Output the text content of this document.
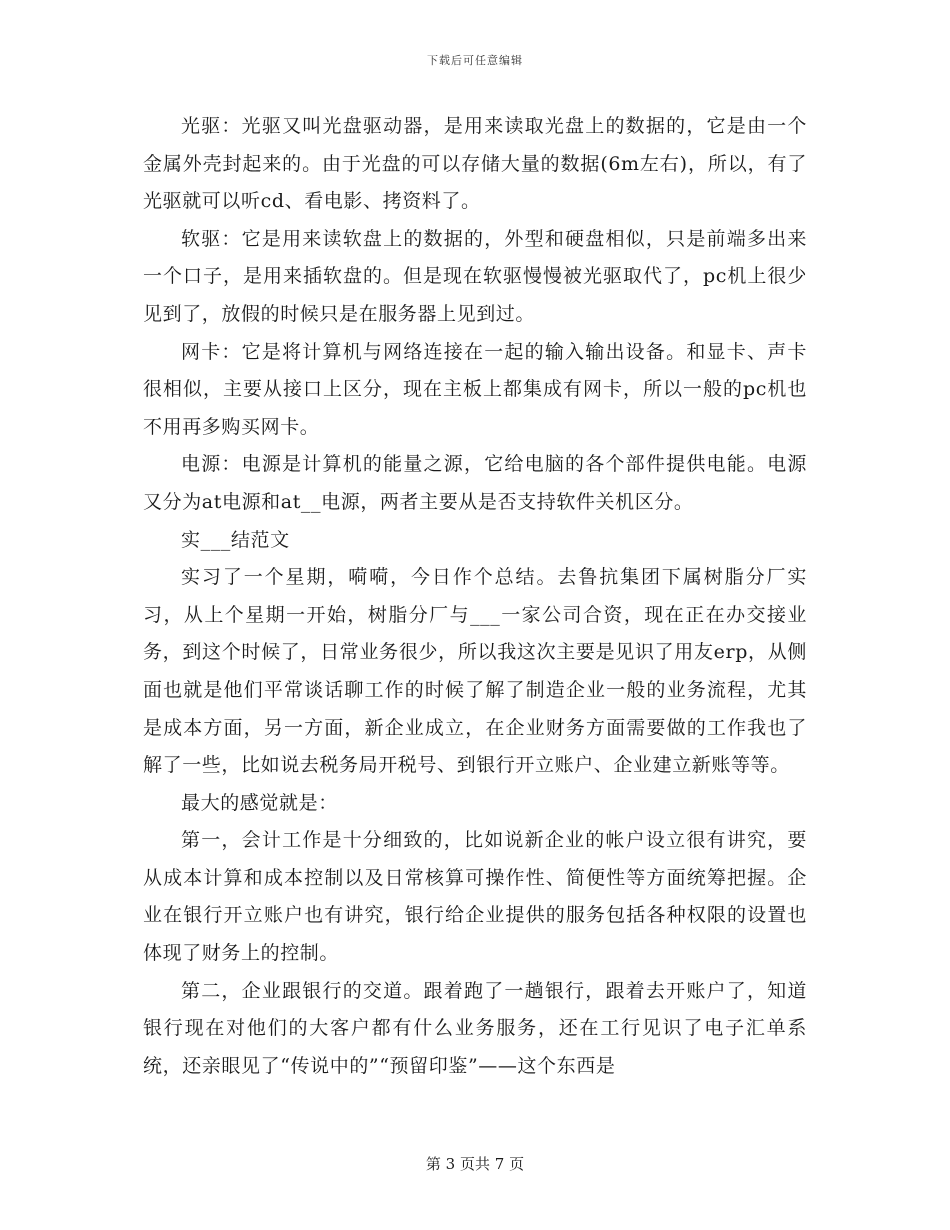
下载后可任意编辑

光驱：光驱又叫光盘驱动器，是用来读取光盘上的数据的，它是由一个金属外壳封起来的。由于光盘的可以存储大量的数据(6m左右)，所以，有了光驱就可以听cd、看电影、拷资料了。

软驱：它是用来读软盘上的数据的，外型和硬盘相似，只是前端多出来一个口子，是用来插软盘的。但是现在软驱慢慢被光驱取代了，pc机上很少见到了，放假的时候只是在服务器上见到过。

网卡：它是将计算机与网络连接在一起的输入输出设备。和显卡、声卡很相似，主要从接口上区分，现在主板上都集成有网卡，所以一般的pc机也不用再多购买网卡。

电源：电源是计算机的能量之源，它给电脑的各个部件提供电能。电源又分为at电源和at__电源，两者主要从是否支持软件关机区分。

实___结范文

实习了一个星期，嗬嗬，今日作个总结。去鲁抗集团下属树脂分厂实习，从上个星期一开始，树脂分厂与___一家公司合资，现在正在办交接业务，到这个时候了，日常业务很少，所以我这次主要是见识了用友erp，从侧面也就是他们平常谈话聊工作的时候了解了制造企业一般的业务流程，尤其是成本方面，另一方面，新企业成立，在企业财务方面需要做的工作我也了解了一些，比如说去税务局开税号、到银行开立账户、企业建立新账等等。

最大的感觉就是：

第一，会计工作是十分细致的，比如说新企业的帐户设立很有讲究，要从成本计算和成本控制以及日常核算可操作性、简便性等方面统筹把握。企业在银行开立账户也有讲究，银行给企业提供的服务包括各种权限的设置也体现了财务上的控制。

第二，企业跟银行的交道。跟着跑了一趟银行，跟着去开账户了，知道银行现在对他们的大客户都有什么业务服务，还在工行见识了电子汇单系统，还亲眼见了“传说中的”“预留印鉴”——这个东西是

第 3 页共 7 页
